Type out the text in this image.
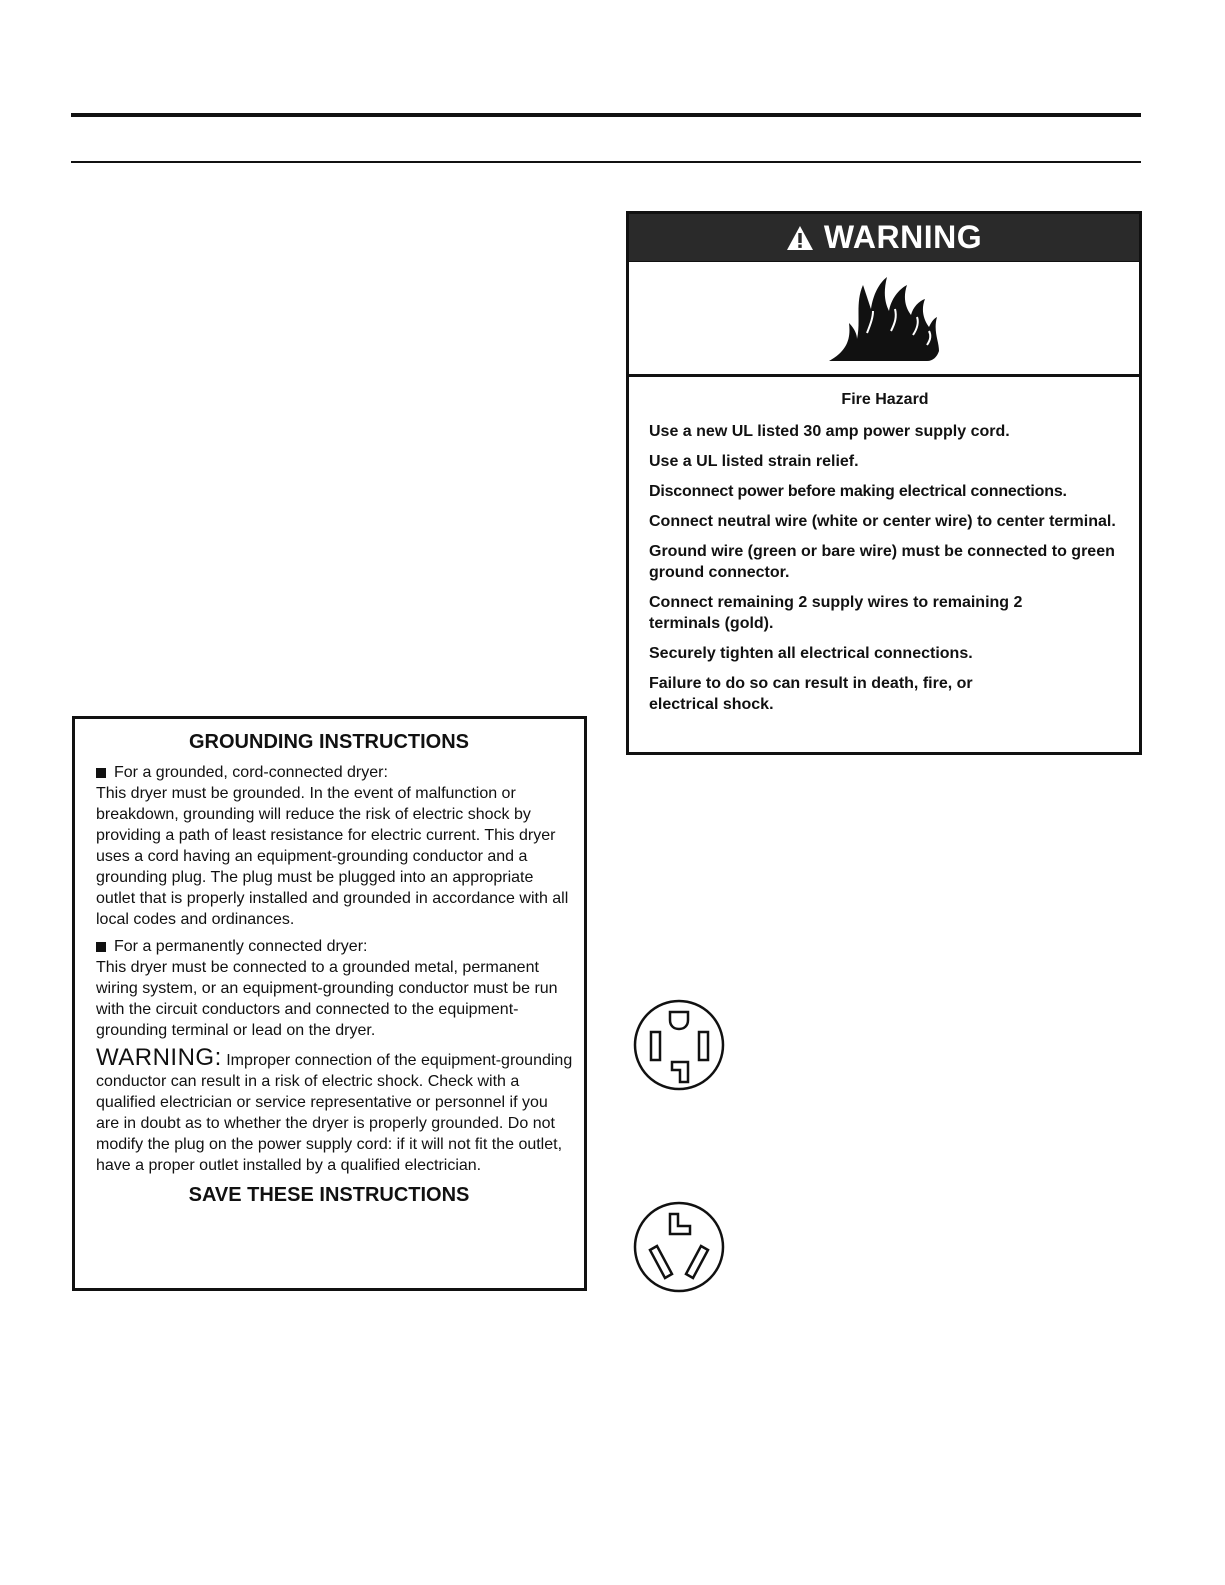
WARNING
Fire Hazard
Use a new UL listed 30 amp power supply cord.
Use a UL listed strain relief.
Disconnect power before making electrical connections.
Connect neutral wire (white or center wire) to center terminal.
Ground wire (green or bare wire) must be connected to green ground connector.
Connect remaining 2 supply wires to remaining 2 terminals (gold).
Securely tighten all electrical connections.
Failure to do so can result in death, fire, or electrical shock.
GROUNDING INSTRUCTIONS
For a grounded, cord-connected dryer:
This dryer must be grounded. In the event of malfunction or breakdown, grounding will reduce the risk of electric shock by providing a path of least resistance for electric current. This dryer uses a cord having an equipment-grounding conductor and a grounding plug. The plug must be plugged into an appropriate outlet that is properly installed and grounded in accordance with all local codes and ordinances.
For a permanently connected dryer:
This dryer must be connected to a grounded metal, permanent wiring system, or an equipment-grounding conductor must be run with the circuit conductors and connected to the equipment-grounding terminal or lead on the dryer.
WARNING: Improper connection of the equipment-grounding conductor can result in a risk of electric shock. Check with a qualified electrician or service representative or personnel if you are in doubt as to whether the dryer is properly grounded. Do not modify the plug on the power supply cord: if it will not fit the outlet, have a proper outlet installed by a qualified electrician.
SAVE THESE INSTRUCTIONS
